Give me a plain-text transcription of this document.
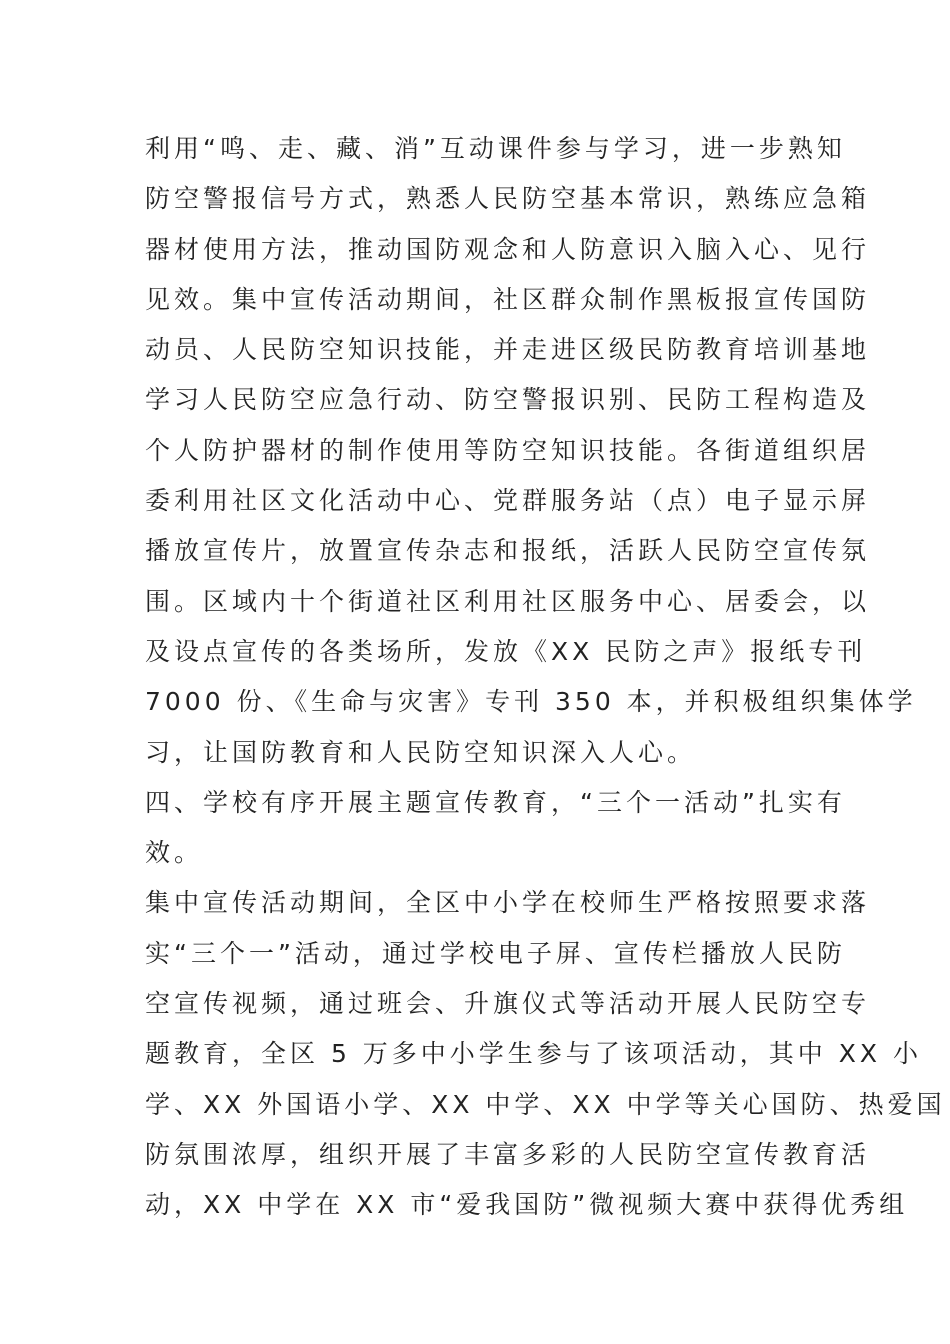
利用“鸣、走、藏、消”互动课件参与学习，进一步熟知
防空警报信号方式，熟悉人民防空基本常识，熟练应急箱
器材使用方法，推动国防观念和人防意识入脑入心、见行
见效。集中宣传活动期间，社区群众制作黑板报宣传国防
动员、人民防空知识技能，并走进区级民防教育培训基地
学习人民防空应急行动、防空警报识别、民防工程构造及
个人防护器材的制作使用等防空知识技能。各街道组织居
委利用社区文化活动中心、党群服务站（点）电子显示屏
播放宣传片，放置宣传杂志和报纸，活跃人民防空宣传氛
围。区域内十个街道社区利用社区服务中心、居委会，以
及设点宣传的各类场所，发放《XX 民防之声》报纸专刊
7000 份、《生命与灾害》专刊 350 本，并积极组织集体学
习，让国防教育和人民防空知识深入人心。
四、学校有序开展主题宣传教育，“三个一活动”扎实有
效。
集中宣传活动期间，全区中小学在校师生严格按照要求落
实“三个一”活动，通过学校电子屏、宣传栏播放人民防
空宣传视频，通过班会、升旗仪式等活动开展人民防空专
题教育，全区 5 万多中小学生参与了该项活动，其中 XX 小
学、XX 外国语小学、XX 中学、XX 中学等关心国防、热爱国
防氛围浓厚，组织开展了丰富多彩的人民防空宣传教育活
动，XX 中学在 XX 市“爱我国防”微视频大赛中获得优秀组
